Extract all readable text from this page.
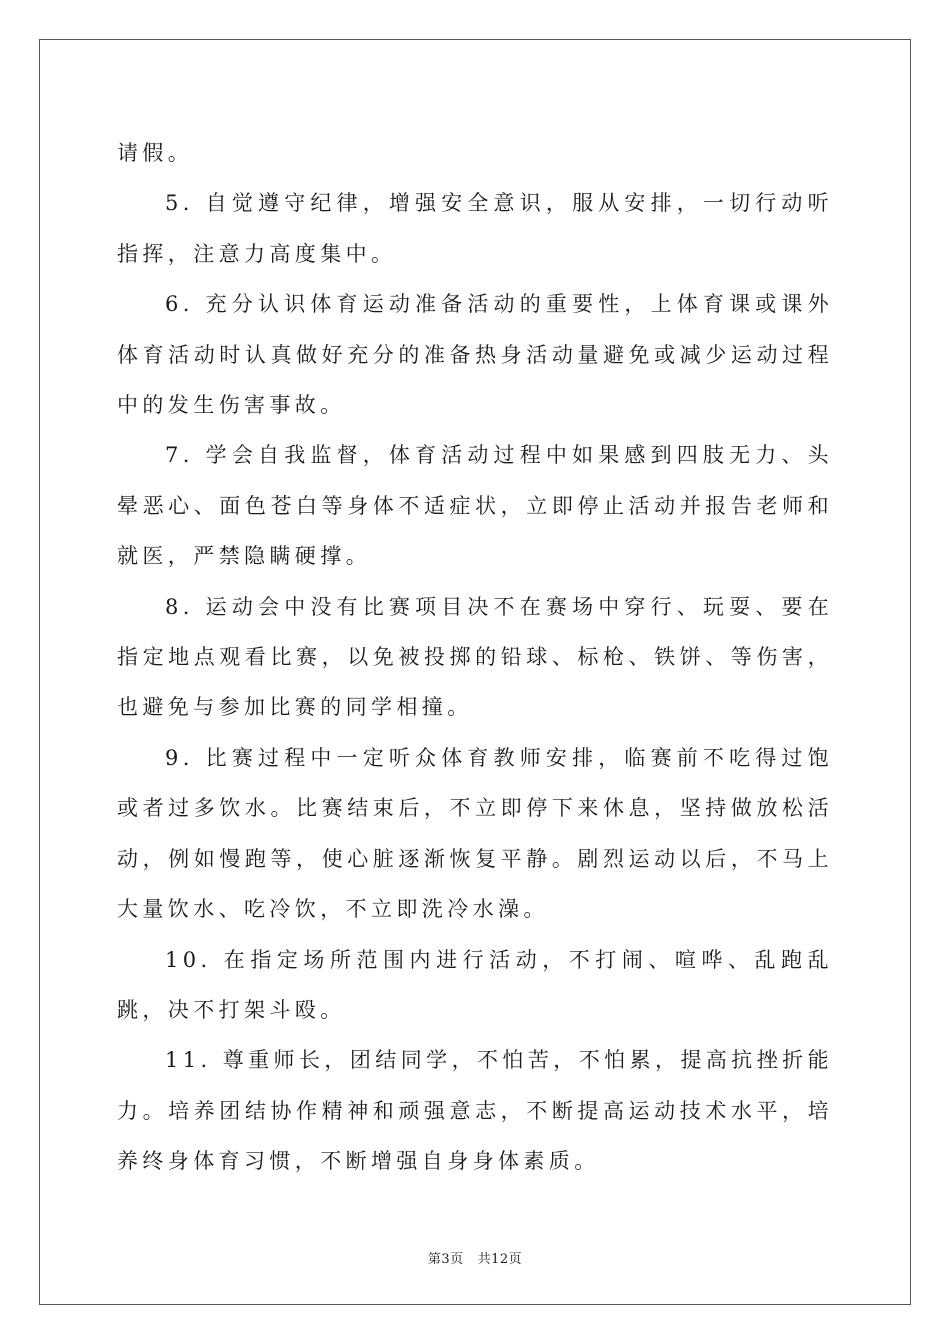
请假。

5. 自觉遵守纪律，增强安全意识，服从安排，一切行动听指挥，注意力高度集中。

6. 充分认识体育运动准备活动的重要性，上体育课或课外体育活动时认真做好充分的准备热身活动量避免或减少运动过程中的发生伤害事故。

7. 学会自我监督，体育活动过程中如果感到四肢无力、头晕恶心、面色苍白等身体不适症状，立即停止活动并报告老师和就医，严禁隐瞒硬撑。

8. 运动会中没有比赛项目决不在赛场中穿行、玩耍、要在指定地点观看比赛，以免被投掷的铅球、标枪、铁饼、等伤害，也避免与参加比赛的同学相撞。

9. 比赛过程中一定听众体育教师安排，临赛前不吃得过饱或者过多饮水。比赛结束后，不立即停下来休息，坚持做放松活动，例如慢跑等，使心脏逐渐恢复平静。剧烈运动以后，不马上大量饮水、吃冷饮，不立即洗冷水澡。

10. 在指定场所范围内进行活动，不打闹、喧哗、乱跑乱跳，决不打架斗殴。

11. 尊重师长，团结同学，不怕苦，不怕累，提高抗挫折能力。培养团结协作精神和顽强意志，不断提高运动技术水平，培养终身体育习惯，不断增强自身身体素质。

第3页 共12页
